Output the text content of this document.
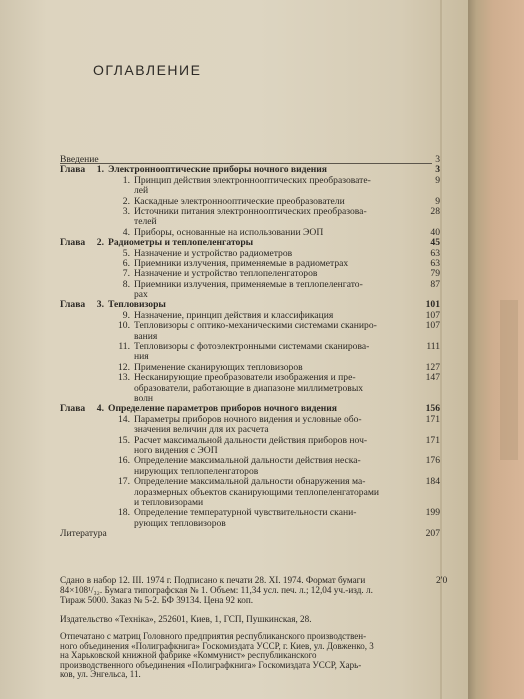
ОГЛАВЛЕНИЕ
Введение	3
Глава	1. Электроннооптические приборы ночного видения	3
1. Принцип действия электроннооптических преобразовате-	9
лей
2. Каскадные электроннооптические преобразователи	9
3. Источники питания электроннооптических преобразова-	28
телей
4. Приборы, основанные на использовании ЭОП	40
Глава	2. Радиометры и теплопеленгаторы	45
5. Назначение и устройство радиометров	63
6. Приемники излучения, применяемые в радиометрах	63
7. Назначение и устройство теплопеленгаторов	79
8. Приемники излучения, применяемые в теплопеленгато-	87
рах
Глава	3. Тепловизоры	101
9. Назначение, принцип действия и классификация	107
10. Тепловизоры с оптико-механическими системами сканиро-	107
вания
11. Тепловизоры с фотоэлектронными системами сканирова-	111
ния
12. Применение сканирующих тепловизоров	127
13. Несканирующие преобразователи изображения и пре-	147
образователи, работающие в диапазоне миллиметровых
волн
Глава	4. Определение параметров приборов ночного видения	156
14. Параметры приборов ночного видения и условные обо-	171
значения величин для их расчета
15. Расчет максимальной дальности действия приборов ноч-	171
ного видения с ЭОП
16. Определение максимальной дальности действия неска-	176
нирующих теплопеленгаторов
17. Определение максимальной дальности обнаружения ма-	184
лоразмерных объектов сканирующими теплопеленгаторами
и тепловизорами
18. Определение температурной чувствительности скани-	199
рующих тепловизоров
Литература	207
Сдано в набор 12. III. 1974 г. Подписано к печати 28. XI. 1974. Формат бумаги
84×108¹/₃₂. Бумага типографская № 1. Объем: 11,34 усл. печ. л.; 12,04 уч.-изд. л.
Тираж 5000. Заказ № 5-2. БФ 39134. Цена 92 коп.
2'0
Издательство «Техніка», 252601, Киев, 1, ГСП, Пушкинская, 28.
Отпечатано с матриц Головного предприятия республиканского производствен-
ного объединения «Полиграфкнига» Госкомиздата УССР, г. Киев, ул. Довженко, 3
на Харьковской книжной фабрике «Коммунист» республиканского
производственного объединения «Полиграфкнига» Госкомиздата УССР, Харь-
ков, ул. Энгельса, 11.
